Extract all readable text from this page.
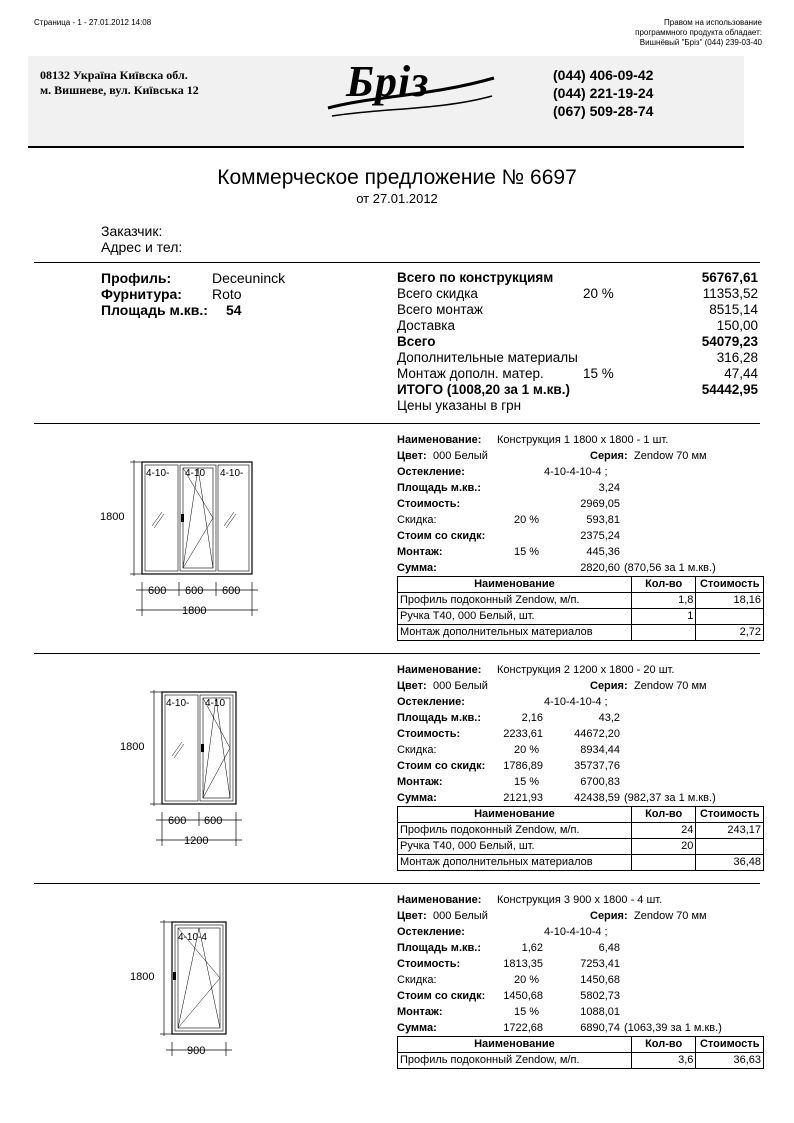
Страница - 1 - 27.01.2012 14:08	Правом на использование
программного продукта обладает:
Вишнёвый "Бріз" (044) 239-03-40
08132 Україна Київска обл.
м. Вишневе, вул. Київська 12	Бріз	(044) 406-09-42
(044) 221-19-24
(067) 509-28-74
Коммерческое предложение № 6697
от 27.01.2012
Заказчик:
Адрес и тел:
Профиль:	Deceuninck
Фурнитура: Roto
Площадь м.кв.: 54
Всего по конструкциям	56767,61
Всего скидка	20 %	11353,52
Всего монтаж	8515,14
Доставка	150,00
Всего	54079,23
Дополнительные материалы	316,28
Монтаж дополн. матер.	15 %	47,44
ИТОГО (1008,20 за 1 м.кв.)	54442,95
Цены указаны в грн
Наименование: Конструкция 1 1800 x 1800 - 1 шт.
Цвет: 000 Белый	Серия: Zendow 70 мм
Остекление:	4-10-4-10-4 ;
Площадь м.кв.:	3,24
Стоимость:	2969,05
Скидка:	20 %	593,81
Стоим со скидк:	2375,24
Монтаж:	15 %	445,36
Сумма:	2820,60 (870,56 за 1 м.кв.)
Наименование	Кол-во	Стоимость
Профиль подоконный Zendow, м/п.	1,8	18,16
Ручка Т40, 000 Белый, шт.	1	
Монтаж дополнительных материалов		2,72
Наименование: Конструкция 2 1200 x 1800 - 20 шт.
Цвет: 000 Белый	Серия: Zendow 70 мм
Остекление:	4-10-4-10-4 ;
Площадь м.кв.:	2,16	43,2
Стоимость:	2233,61	44672,20
Скидка:	20 %	8934,44
Стоим со скидк: 1786,89	35737,76
Монтаж:	15 %	6700,83
Сумма:	2121,93	42438,59 (982,37 за 1 м.кв.)
Наименование	Кол-во	Стоимость
Профиль подоконный Zendow, м/п.	24	243,17
Ручка Т40, 000 Белый, шт.	20	
Монтаж дополнительных материалов		36,48
Наименование: Конструкция 3 900 x 1800 - 4 шт.
Цвет: 000 Белый	Серия: Zendow 70 мм
Остекление:	4-10-4-10-4 ;
Площадь м.кв.:	1,62	6,48
Стоимость:	1813,35	7253,41
Скидка:	20 %	1450,68
Стоим со скидк: 1450,68	5802,73
Монтаж:	15 %	1088,01
Сумма:	1722,68	6890,74 (1063,39 за 1 м.кв.)
Наименование	Кол-во	Стоимость
Профиль подоконный Zendow, м/п.	3,6	36,63
1800
4-10- 4-10 4-10-
600 600 600
1800
1800
4-10- 4-10
600 600
1200
1800
4-10-4
900
